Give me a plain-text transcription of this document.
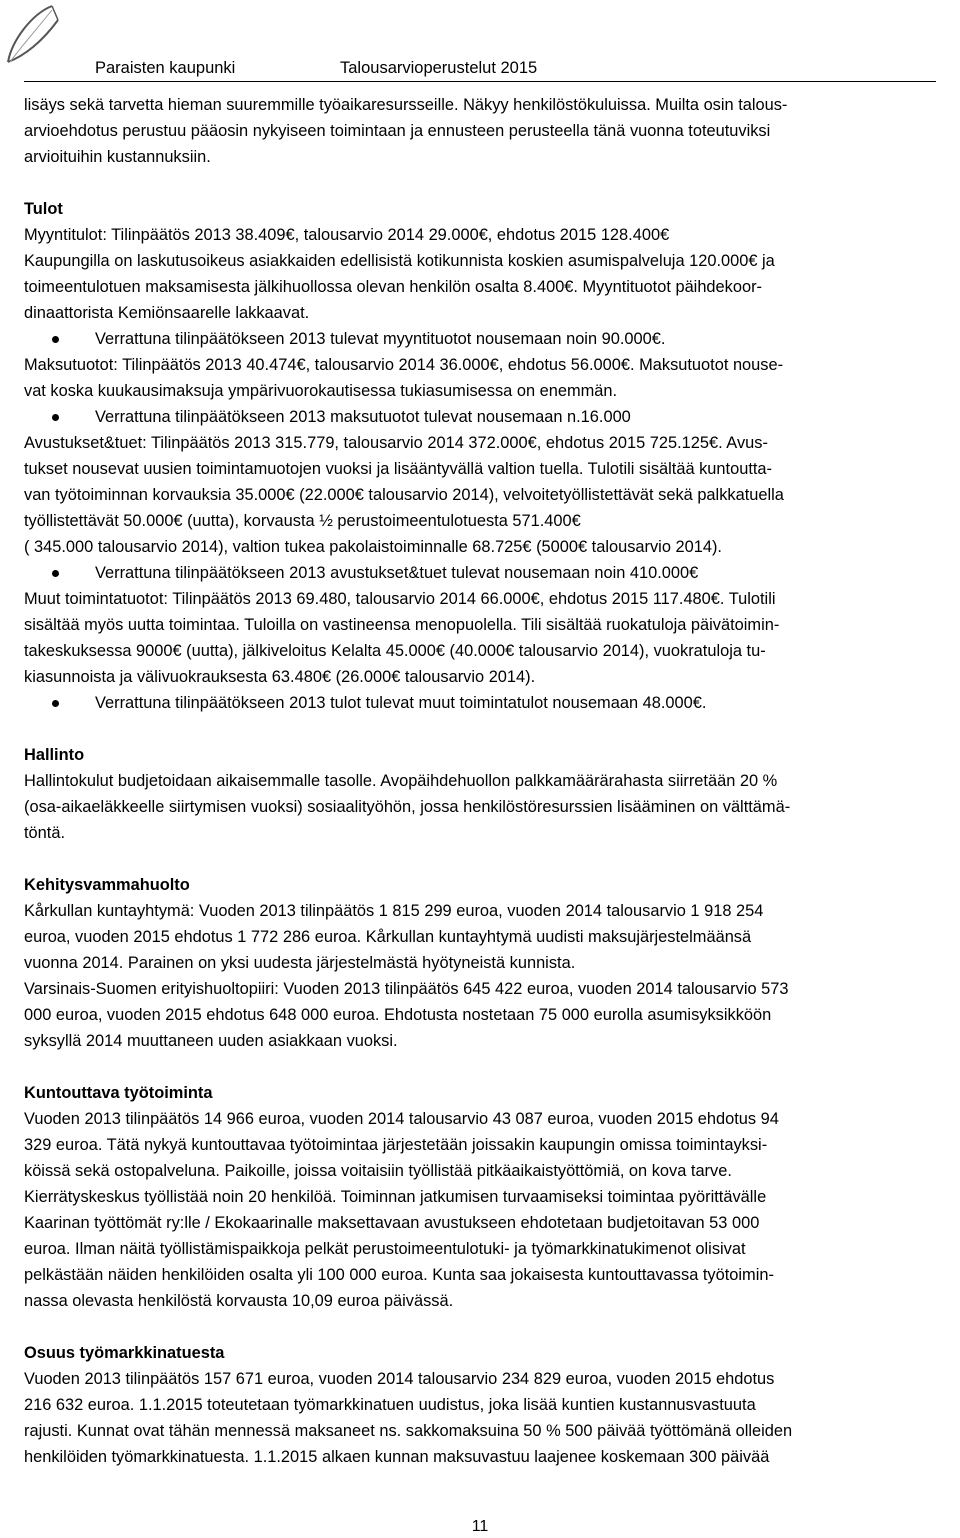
Paraisten kaupunki	Talousarvioperustelut 2015

lisäys sekä tarvetta hieman suuremmille työaikaresursseille. Näkyy henkilöstökuluissa. Muilta osin talous-

arvioehdotus perustuu pääosin nykyiseen toimintaan ja ennusteen perusteella tänä vuonna toteutuviksi

arvioituihin kustannuksiin.

Tulot

Myyntitulot: Tilinpäätös 2013 38.409€, talousarvio 2014 29.000€, ehdotus 2015 128.400€

Kaupungilla on laskutusoikeus asiakkaiden edellisistä kotikunnista koskien asumispalveluja 120.000€ ja

toimeentulotuen maksamisesta jälkihuollossa olevan henkilön osalta 8.400€. Myyntituotot päihdekoor-

dinaattorista Kemiönsaarelle lakkaavat.

Verrattuna tilinpäätökseen 2013 tulevat myyntituotot nousemaan noin 90.000€.

Maksutuotot: Tilinpäätös 2013 40.474€, talousarvio 2014 36.000€, ehdotus 56.000€. Maksutuotot nouse-

vat koska kuukausimaksuja ympärivuorokautisessa tukiasumisessa on enemmän.

Verrattuna tilinpäätökseen 2013 maksutuotot tulevat nousemaan n.16.000

Avustukset&tuet: Tilinpäätös 2013 315.779, talousarvio 2014 372.000€, ehdotus 2015 725.125€. Avus-

tukset nousevat uusien toimintamuotojen vuoksi ja lisääntyvällä valtion tuella. Tulotili sisältää kuntoutta-

van työtoiminnan korvauksia 35.000€ (22.000€ talousarvio 2014), velvoitetyöllistettävät sekä palkkatuella

työllistettävät 50.000€ (uutta), korvausta ½ perustoimeentulotuesta 571.400€

( 345.000 talousarvio 2014), valtion tukea pakolaistoiminnalle 68.725€ (5000€ talousarvio 2014).

Verrattuna tilinpäätökseen 2013 avustukset&tuet tulevat nousemaan noin 410.000€

Muut toimintatuotot: Tilinpäätös 2013 69.480, talousarvio 2014 66.000€, ehdotus 2015 117.480€. Tulotili

sisältää myös uutta toimintaa. Tuloilla on vastineensa menopuolella. Tili sisältää ruokatuloja päivätoimin-

takeskuksessa 9000€ (uutta), jälkiveloitus Kelalta 45.000€ (40.000€ talousarvio 2014), vuokratuloja tu-

kiasunnoista ja välivuokrauksesta 63.480€ (26.000€ talousarvio 2014).

Verrattuna tilinpäätökseen 2013 tulot tulevat muut toimintatulot nousemaan 48.000€.

Hallinto

Hallintokulut budjetoidaan aikaisemmalle tasolle. Avopäihdehuollon palkkamäärärahasta siirretään 20 %

(osa-aikaeläkkeelle siirtymisen vuoksi) sosiaalityöhön, jossa henkilöstöresurssien lisääminen on välttämä-

töntä.

Kehitysvammahuolto

Kårkullan kuntayhtymä: Vuoden 2013 tilinpäätös 1 815 299 euroa, vuoden 2014 talousarvio 1 918 254

euroa, vuoden 2015 ehdotus 1 772 286 euroa. Kårkullan kuntayhtymä uudisti maksujärjestelmäänsä

vuonna 2014. Parainen on yksi uudesta järjestelmästä hyötyneistä kunnista.

Varsinais-Suomen erityishuoltopiiri: Vuoden 2013 tilinpäätös 645 422 euroa, vuoden 2014 talousarvio 573

000 euroa, vuoden 2015 ehdotus 648 000 euroa. Ehdotusta nostetaan 75 000 eurolla asumisyksikköön

syksyllä 2014 muuttaneen uuden asiakkaan vuoksi.

Kuntouttava työtoiminta

Vuoden 2013 tilinpäätös 14 966 euroa, vuoden 2014 talousarvio 43 087 euroa, vuoden 2015 ehdotus 94

329 euroa. Tätä nykyä kuntouttavaa työtoimintaa järjestetään joissakin kaupungin omissa toimintayksi-

köissä sekä ostopalveluna. Paikoille, joissa voitaisiin työllistää pitkäaikaistyöttömiä, on kova tarve.

Kierrätyskeskus työllistää noin 20 henkilöä. Toiminnan jatkumisen turvaamiseksi toimintaa pyörittävälle

Kaarinan työttömät ry:lle / Ekokaarinalle maksettavaan avustukseen ehdotetaan budjetoitavan 53 000

euroa. Ilman näitä työllistämispaikkoja pelkät perustoimeentulotuki- ja työmarkkinatukimenot olisivat

pelkästään näiden henkilöiden osalta yli 100 000 euroa. Kunta saa jokaisesta kuntouttavassa työtoimin-

nassa olevasta henkilöstä korvausta 10,09 euroa päivässä.

Osuus työmarkkinatuesta

Vuoden 2013 tilinpäätös 157 671 euroa, vuoden 2014 talousarvio 234 829 euroa, vuoden 2015 ehdotus

216 632 euroa. 1.1.2015 toteutetaan työmarkkinatuen uudistus, joka lisää kuntien kustannusvastuuta

rajusti. Kunnat ovat tähän mennessä maksaneet ns. sakkomaksuina 50 % 500 päivää työttömänä olleiden

henkilöiden työmarkkinatuesta. 1.1.2015 alkaen kunnan maksuvastuu laajenee koskemaan 300 päivää

11
